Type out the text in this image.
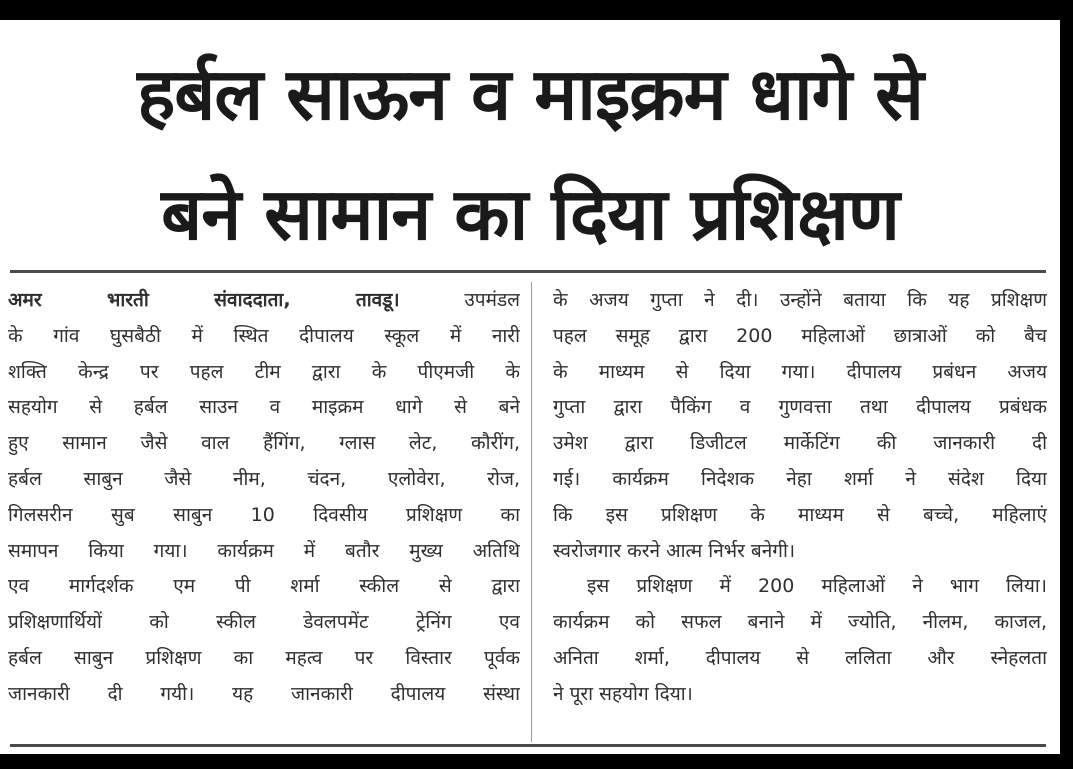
हर्बल साऊन व माइक्रम धागे से
बने सामान का दिया प्रशिक्षण
अमर भारती संवाददाता, तावडू।	उपमंडल
के गांव घुसबैठी में स्थित दीपालय स्कूल में नारी
शक्ति केन्द्र पर पहल टीम द्वारा के पीएमजी के
सहयोग से हर्बल साउन व माइक्रम धागे से बने
हुए सामान जैसे वाल हैंगिंग, ग्लास लेट, कौरींग,
हर्बल साबुन जैसे नीम, चंदन, एलोवेरा, रोज,
गिलसरीन सुब साबुन 10 दिवसीय प्रशिक्षण का
समापन किया गया। कार्यक्रम में बतौर मुख्य अतिथि
एव मार्गदर्शक एम पी शर्मा स्कील से द्वारा
प्रशिक्षणार्थियों को स्कील डेवलपमेंट ट्रेनिंग एव
हर्बल साबुन प्रशिक्षण का महत्व पर विस्तार पूर्वक
जानकारी दी गयी। यह जानकारी दीपालय संस्था
के अजय गुप्ता ने दी। उन्होंने बताया कि यह प्रशिक्षण
पहल समूह द्वारा 200 महिलाओं छात्राओं को बैच
के माध्यम से दिया गया। दीपालय प्रबंधन अजय
गुप्ता द्वारा पैकिंग व गुणवत्ता तथा दीपालय प्रबंधक
उमेश द्वारा डिजीटल मार्केटिंग की जानकारी दी
गई। कार्यक्रम निदेशक नेहा शर्मा ने संदेश दिया
कि इस प्रशिक्षण के माध्यम से बच्चे, महिलाएं
स्वरोजगार करने आत्म निर्भर बनेगी।
इस प्रशिक्षण में 200 महिलाओं ने भाग लिया।
कार्यक्रम को सफल बनाने में ज्योति, नीलम, काजल,
अनिता शर्मा, दीपालय से ललिता और स्नेहलता
ने पूरा सहयोग दिया।
